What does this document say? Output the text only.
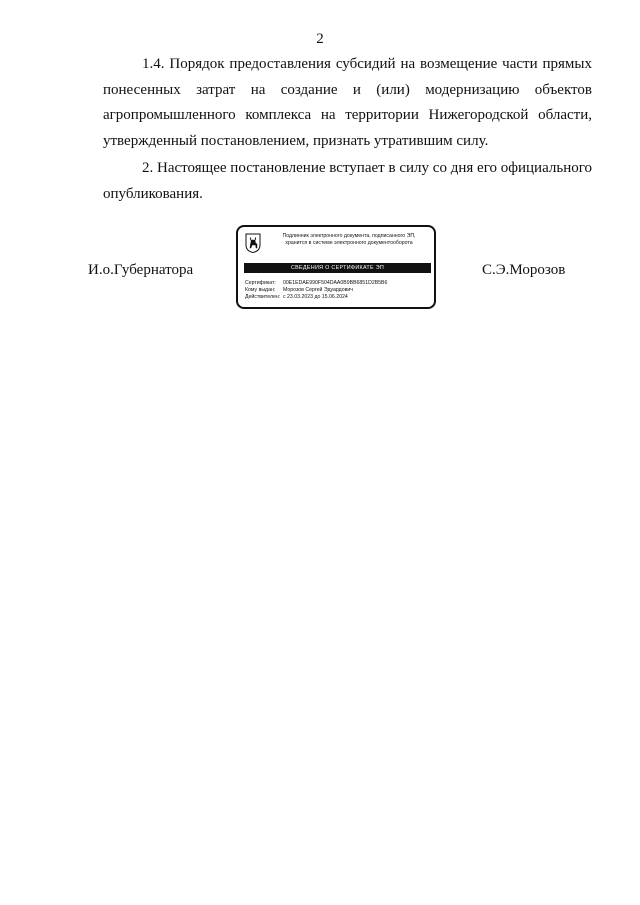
2
1.4. Порядок предоставления субсидий на возмещение части прямых понесенных затрат на создание и (или) модернизацию объектов агропромышленного комплекса на территории Нижегородской области, утвержденный постановлением, признать утратившим силу.
2. Настоящее постановление вступает в силу со дня его официального опубликования.
И.о.Губернатора
Подлинник электронного документа, подписанного ЭП,
хранится в системе электронного документооборота
СВЕДЕНИЯ О СЕРТИФИКАТЕ ЭП
Сертификат: 00E1EDAE990F504DAA0B9BB6851D2B5B6
Кому выдан: Морозов Сергей Эдуардович
Действителен: с 23.03.2023 до 15.06.2024
С.Э.Морозов
